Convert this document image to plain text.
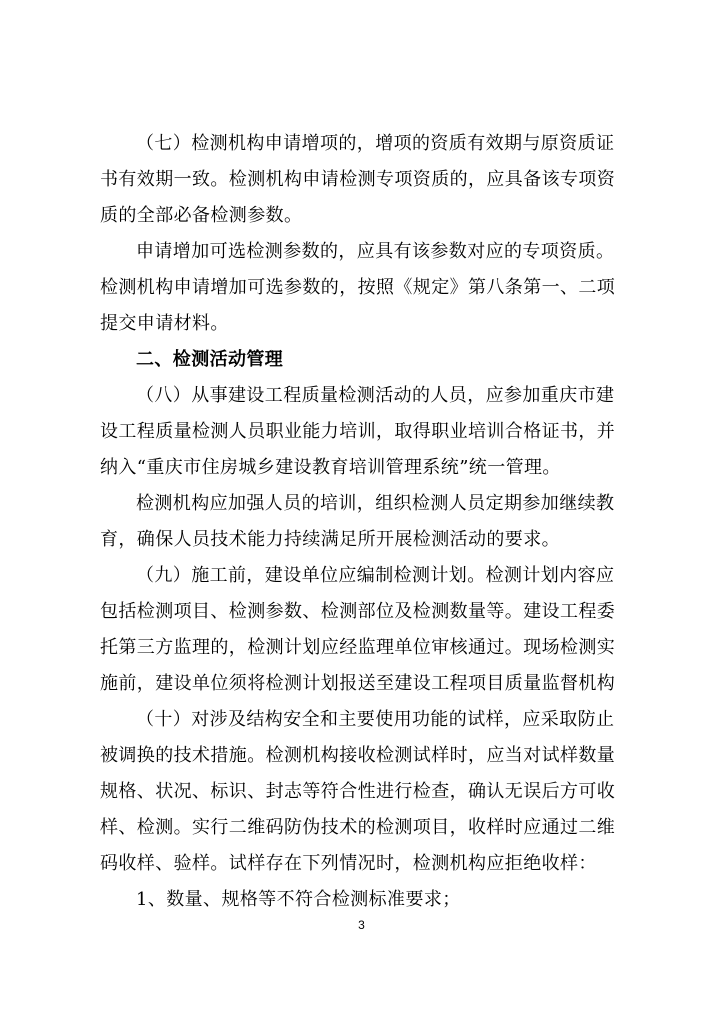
（七）检测机构申请增项的，增项的资质有效期与原资质证
书有效期一致。检测机构申请检测专项资质的，应具备该专项资
质的全部必备检测参数。
申请增加可选检测参数的，应具有该参数对应的专项资质。
检测机构申请增加可选参数的，按照《规定》第八条第一、二项
提交申请材料。
二、检测活动管理
（八）从事建设工程质量检测活动的人员，应参加重庆市建
设工程质量检测人员职业能力培训，取得职业培训合格证书，并
纳入“重庆市住房城乡建设教育培训管理系统”统一管理。
检测机构应加强人员的培训，组织检测人员定期参加继续教
育，确保人员技术能力持续满足所开展检测活动的要求。
（九）施工前，建设单位应编制检测计划。检测计划内容应
包括检测项目、检测参数、检测部位及检测数量等。建设工程委
托第三方监理的，检测计划应经监理单位审核通过。现场检测实
施前，建设单位须将检测计划报送至建设工程项目质量监督机构
（十）对涉及结构安全和主要使用功能的试样，应采取防止
被调换的技术措施。检测机构接收检测试样时，应当对试样数量
规格、状况、标识、封志等符合性进行检查，确认无误后方可收
样、检测。实行二维码防伪技术的检测项目，收样时应通过二维
码收样、验样。试样存在下列情况时，检测机构应拒绝收样：
1、数量、规格等不符合检测标准要求；
3
